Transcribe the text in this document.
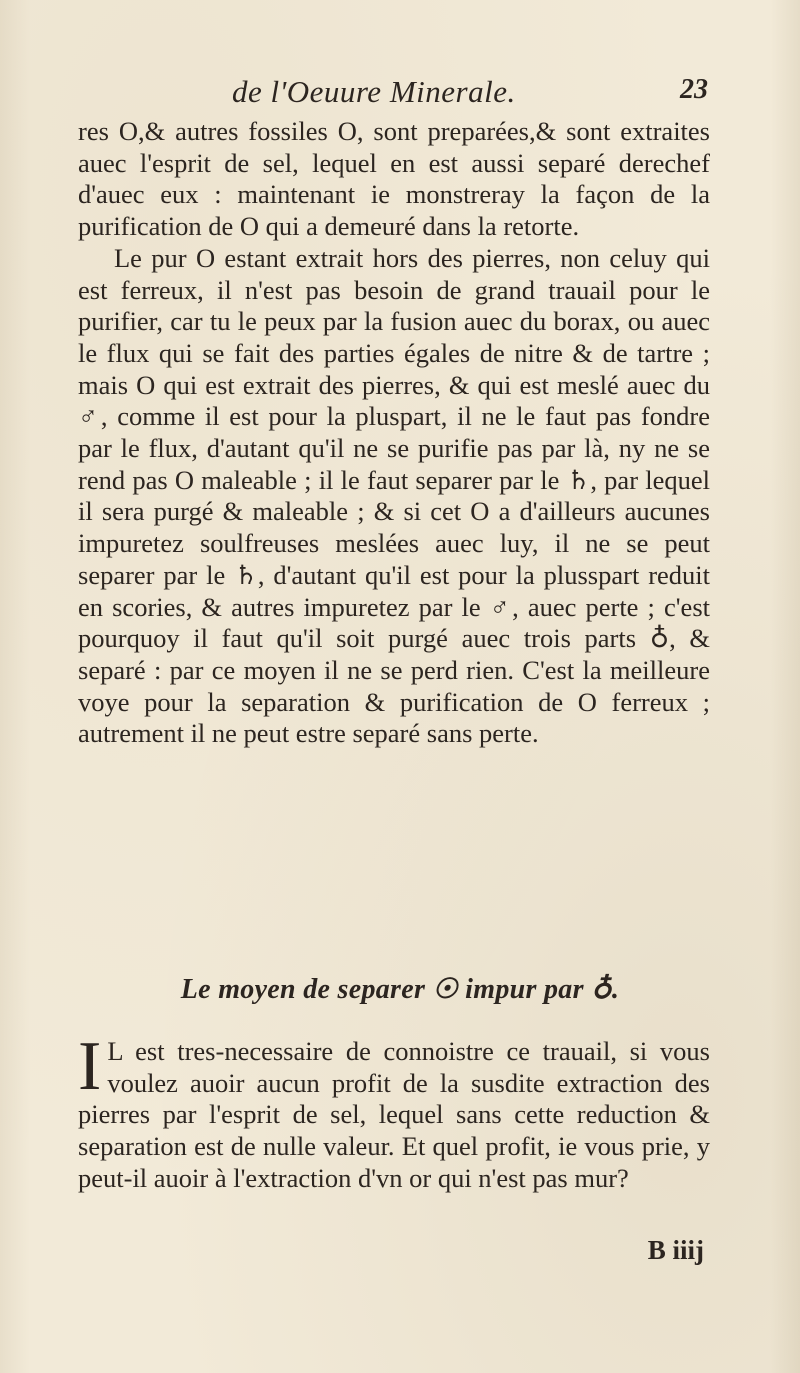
de l'Oeuure Minerale.	23

res O,& autres fossiles O, sont preparées,& sont extraites auec l'esprit de sel, lequel en est aussi separé derechef d'auec eux : maintenant ie monstreray la façon de la purification de O qui a demeuré dans la retorte.

Le pur O estant extrait hors des pierres, non celuy qui est ferreux, il n'est pas besoin de grand trauail pour le purifier, car tu le peux par la fusion auec du borax, ou auec le flux qui se fait des parties égales de nitre & de tartre ; mais O qui est extrait des pierres, & qui est meslé auec du ♂, comme il est pour la pluspart, il ne le faut pas fondre par le flux, d'autant qu'il ne se purifie pas par là, ny ne se rend pas O maleable ; il le faut separer par le ♄, par lequel il sera purgé & maleable ; & si cet O a d'ailleurs aucunes impuretez soulfreuses meslées auec luy, il ne se peut separer par le ♄, d'autant qu'il est pour la plusspart reduit en scories, & autres impuretez par le ♂, auec perte ; c'est pourquoy il faut qu'il soit purgé auec trois parts ♁, & separé : par ce moyen il ne se perd rien. C'est la meilleure voye pour la separation & purification de O ferreux ; autrement il ne peut estre separé sans perte.

Le moyen de separer ☉ impur par ♁.
I L est tres-necessaire de connoistre ce trauail, si vous voulez auoir aucun profit de la susdite extraction des pierres par l'esprit de sel, lequel sans cette reduction & separation est de nulle valeur. Et quel profit, ie vous prie, y peut-il auoir à l'extraction d'vn or qui n'est pas mur?
B iiij
